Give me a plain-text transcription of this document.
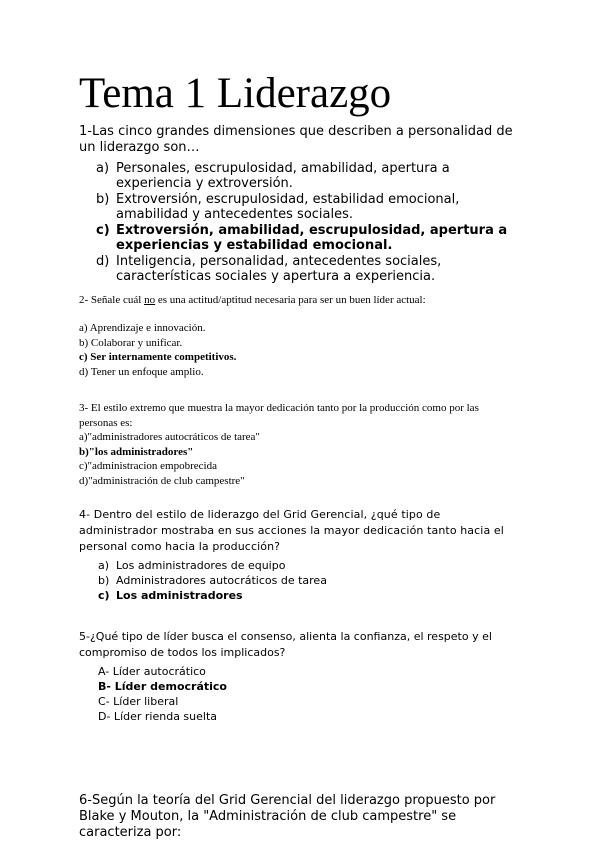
Tema 1 Liderazgo
1-Las cinco grandes dimensiones que describen a personalidad de un liderazgo son…
a) Personales, escrupulosidad, amabilidad, apertura a experiencia y extroversión.
b) Extroversión, escrupulosidad, estabilidad emocional, amabilidad y antecedentes sociales.
c) Extroversión, amabilidad, escrupulosidad, apertura a experiencias y estabilidad emocional.
d) Inteligencia, personalidad, antecedentes sociales, características sociales y apertura a experiencia.
2- Señale cuál no es una actitud/aptitud necesaria para ser un buen líder actual:
a) Aprendizaje e innovación.
b) Colaborar y unificar.
c) Ser internamente competitivos.
d) Tener un enfoque amplio.
3- El estilo extremo que muestra la mayor dedicación tanto por la producción como por las
personas es:
a)"administradores autocráticos de tarea"
b)"los administradores"
c)"administracion empobrecida
d)"administración de club campestre"
4- Dentro del estilo de liderazgo del Grid Gerencial, ¿qué tipo de administrador mostraba en sus acciones la mayor dedicación tanto hacia el personal como hacia la producción?
a) Los administradores de equipo
b) Administradores autocráticos de tarea
c) Los administradores
5-¿Qué tipo de líder busca el consenso, alienta la confianza, el respeto y el compromiso de todos los implicados?
A- Líder autocrático
B- Líder democrático
C- Líder liberal
D- Líder rienda suelta
6-Según la teoría del Grid Gerencial del liderazgo propuesto por Blake y Mouton, la "Administración de club campestre" se caracteriza por:
